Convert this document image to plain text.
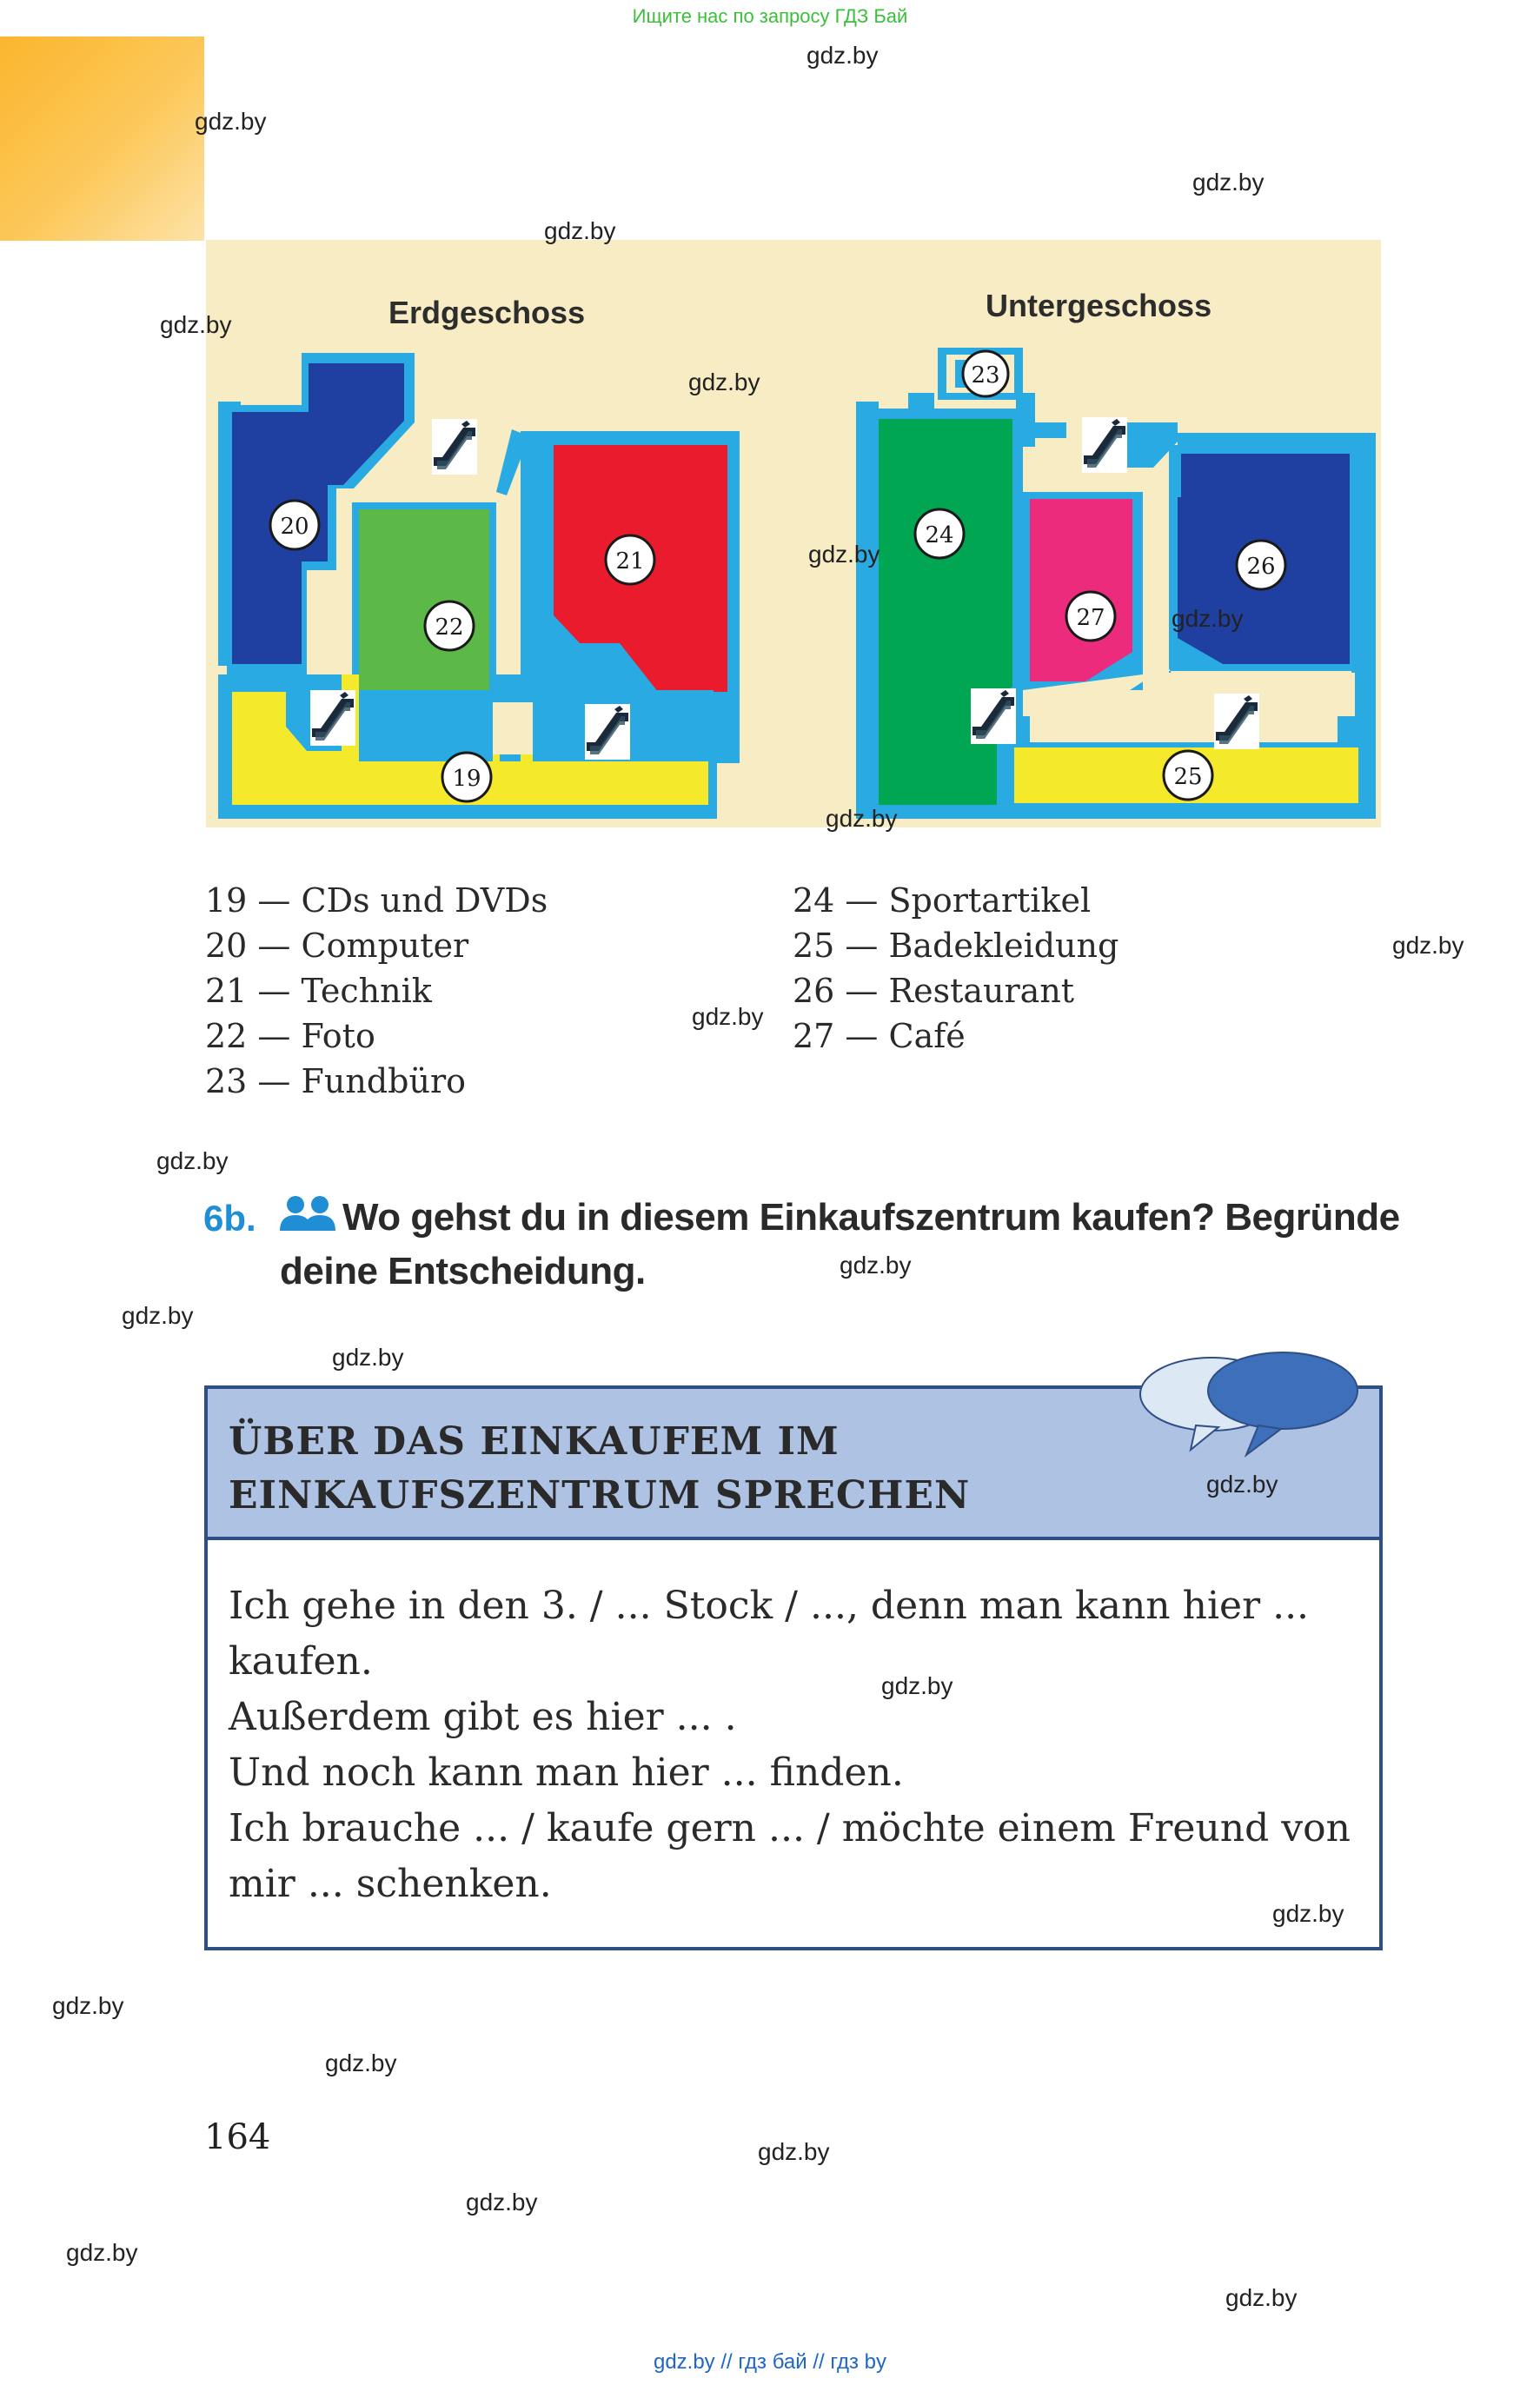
Ищите нас по запросу ГДЗ Бай
Erdgeschoss	Untergeschoss
19
20
21
22
23
24
25
26
27
19 — CDs und DVDs
20 — Computer
21 — Technik
22 — Foto
23 — Fundbüro
24 — Sportartikel
25 — Badekleidung
26 — Restaurant
27 — Café
6b. Wo gehst du in diesem Einkaufszentrum kaufen? Begründe
deine Entscheidung.
ÜBER DAS EINKAUFEM IM
EINKAUFSZENTRUM SPRECHEN
Ich gehe in den 3. / ... Stock / ..., denn man kann hier ...
kaufen.
Außerdem gibt es hier ... .
Und noch kann man hier ... finden.
Ich brauche ... / kaufe gern ... / möchte einem Freund von
mir ... schenken.
164
gdz.by
gdz.by
gdz.by
gdz.by
gdz.by
gdz.by
gdz.by
gdz.by
gdz.by
gdz.by
gdz.by
gdz.by
gdz.by
gdz.by
gdz.by
gdz.by
gdz.by
gdz.by
gdz.by
gdz.by
gdz.by
gdz.by
gdz.by
gdz.by
gdz.by // гдз бай // гдз by
